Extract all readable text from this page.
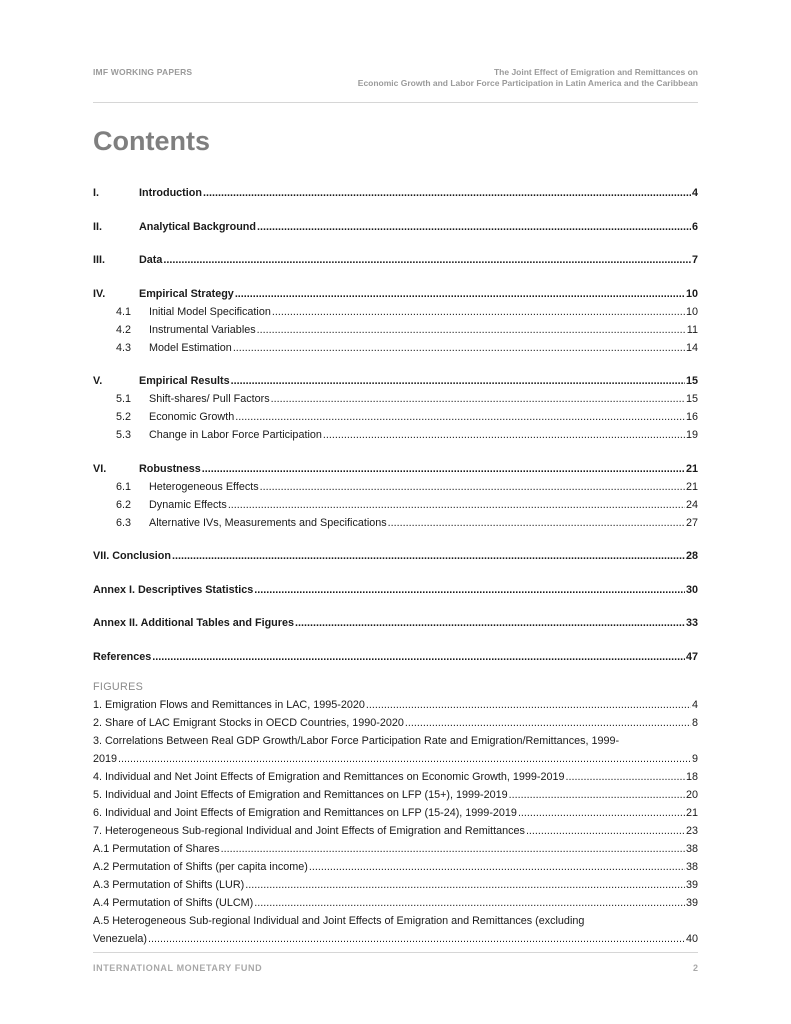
IMF WORKING PAPERS	The Joint Effect of Emigration and Remittances on
Economic Growth and Labor Force Participation in Latin America and the Caribbean
Contents
I.	Introduction .....	4
II.	Analytical Background .....	6
III.	Data .....	7
IV.	Empirical Strategy .....	10
4.1	Initial Model Specification .....	10
4.2	Instrumental Variables .....	11
4.3	Model Estimation .....	14
V.	Empirical Results .....	15
5.1	Shift-shares/ Pull Factors .....	15
5.2	Economic Growth .....	16
5.3	Change in Labor Force Participation .....	19
VI.	Robustness .....	21
6.1	Heterogeneous Effects .....	21
6.2	Dynamic Effects .....	24
6.3	Alternative IVs, Measurements and Specifications .....	27
VII. Conclusion .....	28
Annex I. Descriptives Statistics .....	30
Annex II. Additional Tables and Figures .....	33
References .....	47
FIGURES
1. Emigration Flows and Remittances in LAC, 1995-2020 .....	4
2. Share of LAC Emigrant Stocks in OECD Countries, 1990-2020 .....	8
3. Correlations Between Real GDP Growth/Labor Force Participation Rate and Emigration/Remittances, 1999-
2019 .....	9
4. Individual and Net Joint Effects of Emigration and Remittances on Economic Growth, 1999-2019 .....	18
5. Individual and Joint Effects of Emigration and Remittances on LFP (15+), 1999-2019 .....	20
6. Individual and Joint Effects of Emigration and Remittances on LFP (15-24), 1999-2019 .....	21
7. Heterogeneous Sub-regional Individual and Joint Effects of Emigration and Remittances .....	23
A.1 Permutation of Shares .....	38
A.2 Permutation of Shifts (per capita income) .....	38
A.3 Permutation of Shifts (LUR) .....	39
A.4 Permutation of Shifts (ULCM) .....	39
A.5 Heterogeneous Sub-regional Individual and Joint Effects of Emigration and Remittances (excluding
Venezuela) .....	40
INTERNATIONAL MONETARY FUND	2
